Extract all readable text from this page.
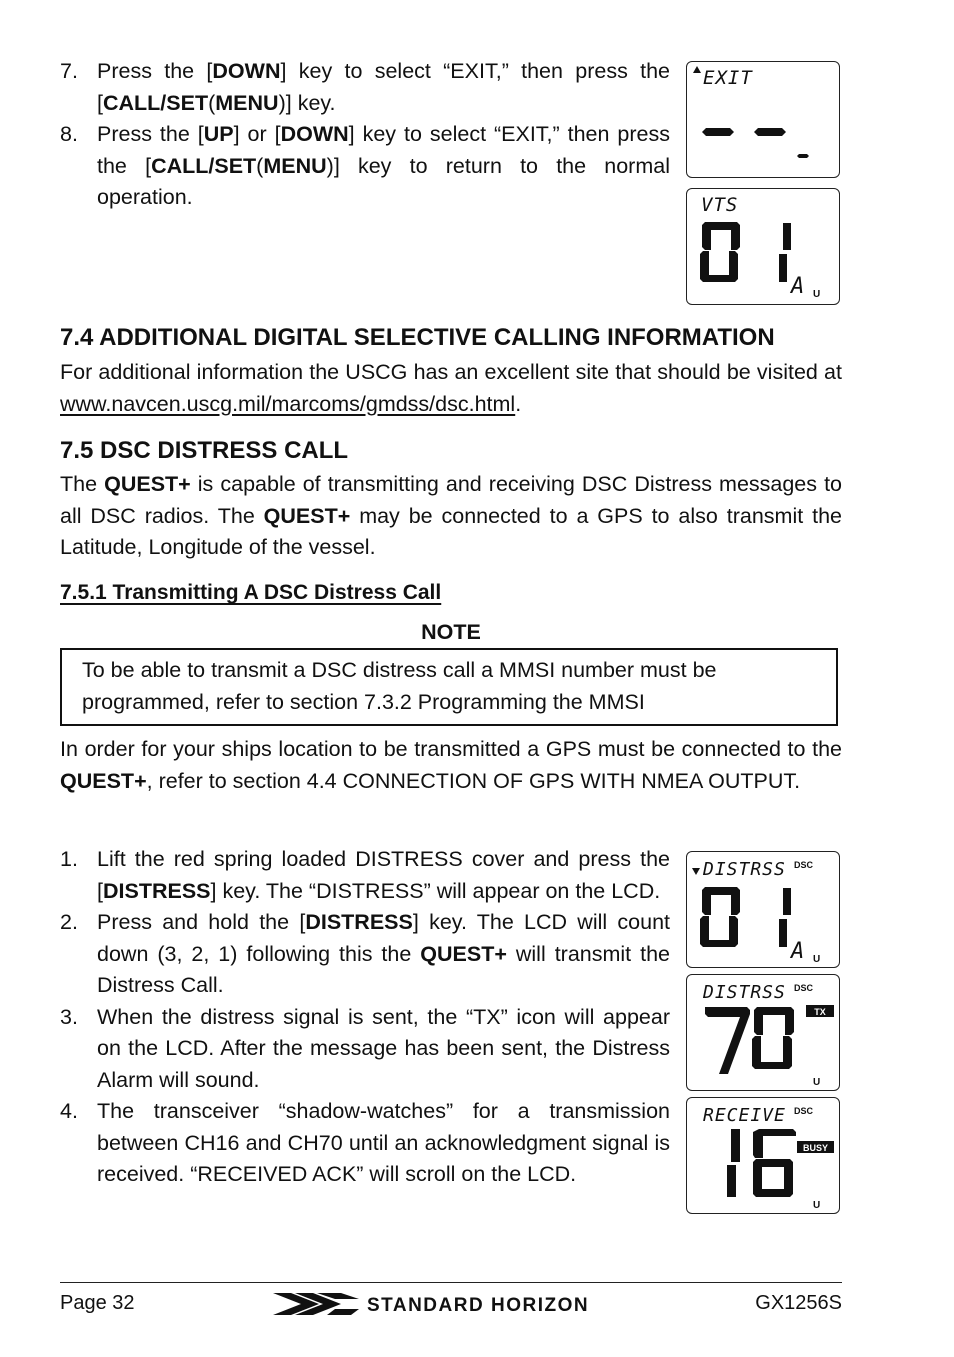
7. Press the [DOWN] key to select “EXIT,” then press the [CALL/SET(MENU)] key.
8. Press the [UP] or [DOWN] key to select “EXIT,” then press the [CALL/SET(MENU)] key to return to the normal operation.
EXIT
VTS
A U
7.4 ADDITIONAL DIGITAL SELECTIVE CALLING INFORMATION

For additional information the USCG has an excellent site that should be visited at www.navcen.uscg.mil/marcoms/gmdss/dsc.html.

7.5 DSC DISTRESS CALL

The QUEST+ is capable of transmitting and receiving DSC Distress messages to all DSC radios. The QUEST+ may be connected to a GPS to also transmit the Latitude, Longitude of the vessel.

7.5.1 Transmitting A DSC Distress Call
NOTE
To be able to transmit a DSC distress call a MMSI number must be programmed, refer to section 7.3.2 Programming the MMSI

In order for your ships location to be transmitted a GPS must be connected to the QUEST+, refer to section 4.4 CONNECTION OF GPS WITH NMEA OUTPUT.

1. Lift the red spring loaded DISTRESS cover and press the [DISTRESS] key. The “DISTRESS” will appear on the LCD.
2. Press and hold the [DISTRESS] key. The LCD will count down (3, 2, 1) following this the QUEST+ will transmit the Distress Call.
3. When the distress signal is sent, the “TX” icon will appear on the LCD. After the message has been sent, the Distress Alarm will sound.
4. The transceiver “shadow-watches” for a transmission between CH16 and CH70 until an acknowledgment signal is received. “RECEIVED ACK” will scroll on the LCD.
DISTRSS DSC
A U
DISTRSS DSC
TX
U
RECEIVE DSC
BUSY
U
Page 32	STANDARD HORIZON	GX1256S
